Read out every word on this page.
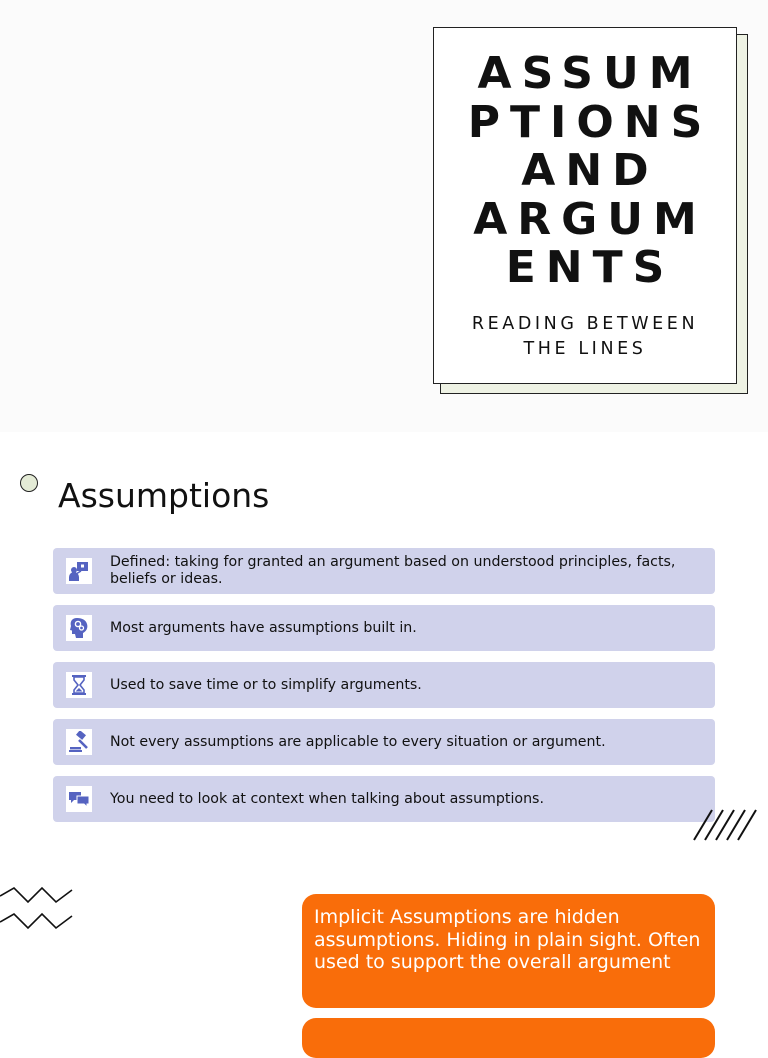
ASSUM
PTIONS
AND
ARGUM
ENTS
READING BETWEEN
THE LINES
Assumptions
Defined: taking for granted an argument based on understood principles, facts, beliefs or ideas.
Most arguments have assumptions built in.
Used to save time or to simplify arguments.
Not every assumptions are applicable to every situation or argument.
You need to look at context when talking about assumptions.
Implicit Assumptions are hidden assumptions. Hiding in plain sight. Often used to support the overall argument
